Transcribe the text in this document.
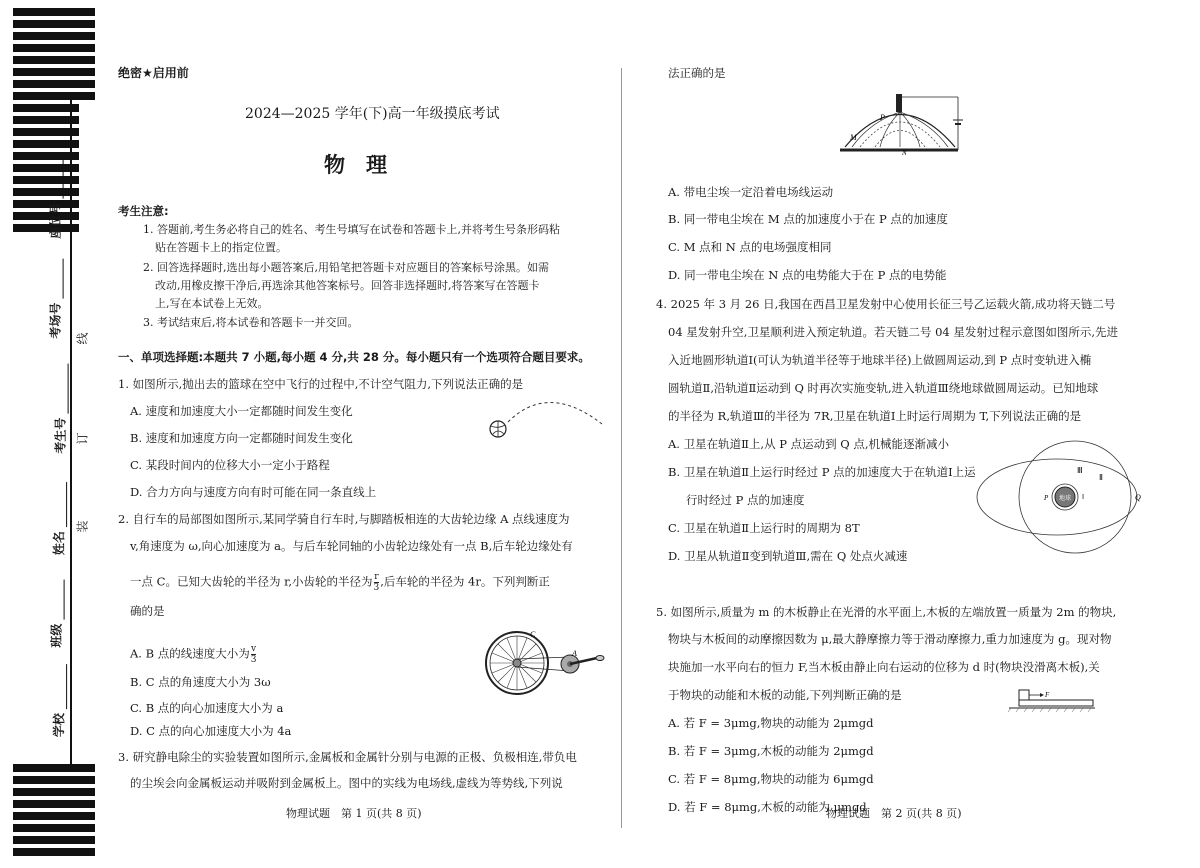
座位号
考场号
考生号
姓名
班级
学校
线
订
装
绝密★启用前
2024—2025 学年(下)高一年级摸底考试
物　理
考生注意:
1. 答题前,考生务必将自己的姓名、考生号填写在试卷和答题卡上,并将考生号条形码粘
贴在答题卡上的指定位置。
2. 回答选择题时,选出每小题答案后,用铅笔把答题卡对应题目的答案标号涂黑。如需
改动,用橡皮擦干净后,再选涂其他答案标号。回答非选择题时,将答案写在答题卡
上,写在本试卷上无效。
3. 考试结束后,将本试卷和答题卡一并交回。
一、单项选择题:本题共 7 小题,每小题 4 分,共 28 分。每小题只有一个选项符合题目要求。
1. 如图所示,抛出去的篮球在空中飞行的过程中,不计空气阻力,下列说法正确的是
A. 速度和加速度大小一定都随时间发生变化
B. 速度和加速度方向一定都随时间发生变化
C. 某段时间内的位移大小一定小于路程
D. 合力方向与速度方向有时可能在同一条直线上
2. 自行车的局部图如图所示,某同学骑自行车时,与脚踏板相连的大齿轮边缘 A 点线速度为
v,角速度为 ω,向心加速度为 a。与后车轮同轴的小齿轮边缘处有一点 B,后车轮边缘处有
一点 C。已知大齿轮的半径为 r,小齿轮的半径为 $\frac{r}{3}$ ,后车轮的半径为 4r。下列判断正
确的是
A. B 点的线速度大小为 $\frac{v}{3}$
B. C 点的角速度大小为 3ω
C. B 点的向心加速度大小为 a
D. C 点的向心加速度大小为 4a
C
A
3. 研究静电除尘的实验装置如图所示,金属板和金属针分别与电源的正极、负极相连,带负电
的尘埃会向金属板运动并吸附到金属板上。图中的实线为电场线,虚线为等势线,下列说
物理试题　第 1 页(共 8 页)
法正确的是
P
M
N
A. 带电尘埃一定沿着电场线运动
B. 同一带电尘埃在 M 点的加速度小于在 P 点的加速度
C. M 点和 N 点的电场强度相同
D. 同一带电尘埃在 N 点的电势能大于在 P 点的电势能
4. 2025 年 3 月 26 日,我国在西昌卫星发射中心使用长征三号乙运载火箭,成功将天链二号
04 星发射升空,卫星顺利进入预定轨道。若天链二号 04 星发射过程示意图如图所示,先进
入近地圆形轨道Ⅰ(可认为轨道半径等于地球半径)上做圆周运动,到 P 点时变轨进入椭
圆轨道Ⅱ,沿轨道Ⅱ运动到 Q 时再次实施变轨,进入轨道Ⅲ绕地球做圆周运动。已知地球
的半径为 R,轨道Ⅲ的半径为 7R,卫星在轨道Ⅰ上时运行周期为 T,下列说法正确的是
A. 卫星在轨道Ⅱ上,从 P 点运动到 Q 点,机械能逐渐减小
B. 卫星在轨道Ⅱ上运行时经过 P 点的加速度大于在轨道Ⅰ上运
行时经过 P 点的加速度
C. 卫星在轨道Ⅱ上运行时的周期为 8T
D. 卫星从轨道Ⅱ变到轨道Ⅲ,需在 Q 处点火减速
地球
Ⅲ
Ⅱ
Ⅰ
P	Q
5. 如图所示,质量为 m 的木板静止在光滑的水平面上,木板的左端放置一质量为 2m 的物块,
物块与木板间的动摩擦因数为 μ,最大静摩擦力等于滑动摩擦力,重力加速度为 g。现对物
块施加一水平向右的恒力 F,当木板由静止向右运动的位移为 d 时(物块没滑离木板),关
于物块的动能和木板的动能,下列判断正确的是
A. 若 F = 3μmg,物块的动能为 2μmgd
B. 若 F = 3μmg,木板的动能为 2μmgd
C. 若 F = 8μmg,物块的动能为 6μmgd
D. 若 F = 8μmg,木板的动能为 μmgd
F
物理试题　第 2 页(共 8 页)
